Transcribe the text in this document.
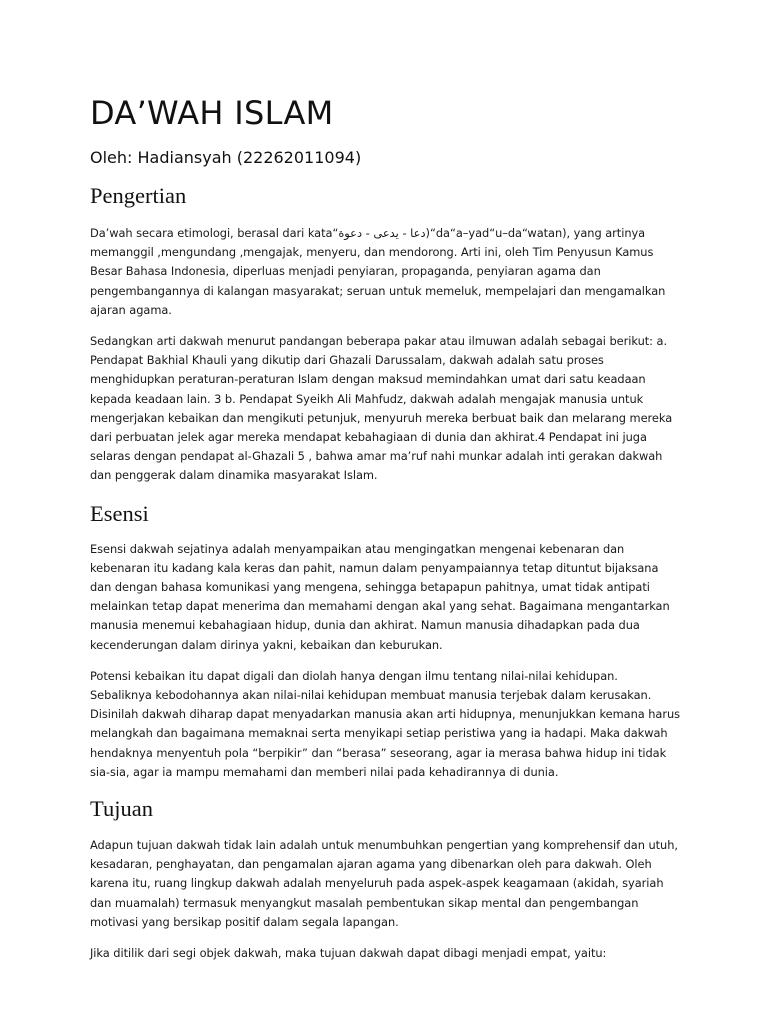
DA’WAH ISLAM
Oleh: Hadiansyah (22262011094)
Pengertian

Da’wah secara etimologi, berasal dari kata“دعا - يدعى - دعوة)“da“a–yad“u–da“watan), yang artinya memanggil ,mengundang ,mengajak, menyeru, dan mendorong. Arti ini, oleh Tim Penyusun Kamus Besar Bahasa Indonesia, diperluas menjadi penyiaran, propaganda, penyiaran agama dan pengembangannya di kalangan masyarakat; seruan untuk memeluk, mempelajari dan mengamalkan ajaran agama.

Sedangkan arti dakwah menurut pandangan beberapa pakar atau ilmuwan adalah sebagai berikut: a. Pendapat Bakhial Khauli yang dikutip dari Ghazali Darussalam, dakwah adalah satu proses menghidupkan peraturan-peraturan Islam dengan maksud memindahkan umat dari satu keadaan kepada keadaan lain. 3 b. Pendapat Syeikh Ali Mahfudz, dakwah adalah mengajak manusia untuk mengerjakan kebaikan dan mengikuti petunjuk, menyuruh mereka berbuat baik dan melarang mereka dari perbuatan jelek agar mereka mendapat kebahagiaan di dunia dan akhirat.4 Pendapat ini juga selaras dengan pendapat al-Ghazali 5 , bahwa amar ma’ruf nahi munkar adalah inti gerakan dakwah dan penggerak dalam dinamika masyarakat Islam.

Esensi

Esensi dakwah sejatinya adalah menyampaikan atau mengingatkan mengenai kebenaran dan kebenaran itu kadang kala keras dan pahit, namun dalam penyampaiannya tetap dituntut bijaksana dan dengan bahasa komunikasi yang mengena, sehingga betapapun pahitnya, umat tidak antipati melainkan tetap dapat menerima dan memahami dengan akal yang sehat. Bagaimana mengantarkan manusia menemui kebahagiaan hidup, dunia dan akhirat. Namun manusia dihadapkan pada dua kecenderungan dalam dirinya yakni, kebaikan dan keburukan.

Potensi kebaikan itu dapat digali dan diolah hanya dengan ilmu tentang nilai-nilai kehidupan. Sebaliknya kebodohannya akan nilai-nilai kehidupan membuat manusia terjebak dalam kerusakan. Disinilah dakwah diharap dapat menyadarkan manusia akan arti hidupnya, menunjukkan kemana harus melangkah dan bagaimana memaknai serta menyikapi setiap peristiwa yang ia hadapi. Maka dakwah hendaknya menyentuh pola “berpikir” dan “berasa” seseorang, agar ia merasa bahwa hidup ini tidak sia-sia, agar ia mampu memahami dan memberi nilai pada kehadirannya di dunia.

Tujuan

Adapun tujuan dakwah tidak lain adalah untuk menumbuhkan pengertian yang komprehensif dan utuh, kesadaran, penghayatan, dan pengamalan ajaran agama yang dibenarkan oleh para dakwah. Oleh karena itu, ruang lingkup dakwah adalah menyeluruh pada aspek-aspek keagamaan (akidah, syariah dan muamalah) termasuk menyangkut masalah pembentukan sikap mental dan pengembangan motivasi yang bersikap positif dalam segala lapangan.

Jika ditilik dari segi objek dakwah, maka tujuan dakwah dapat dibagi menjadi empat, yaitu:
